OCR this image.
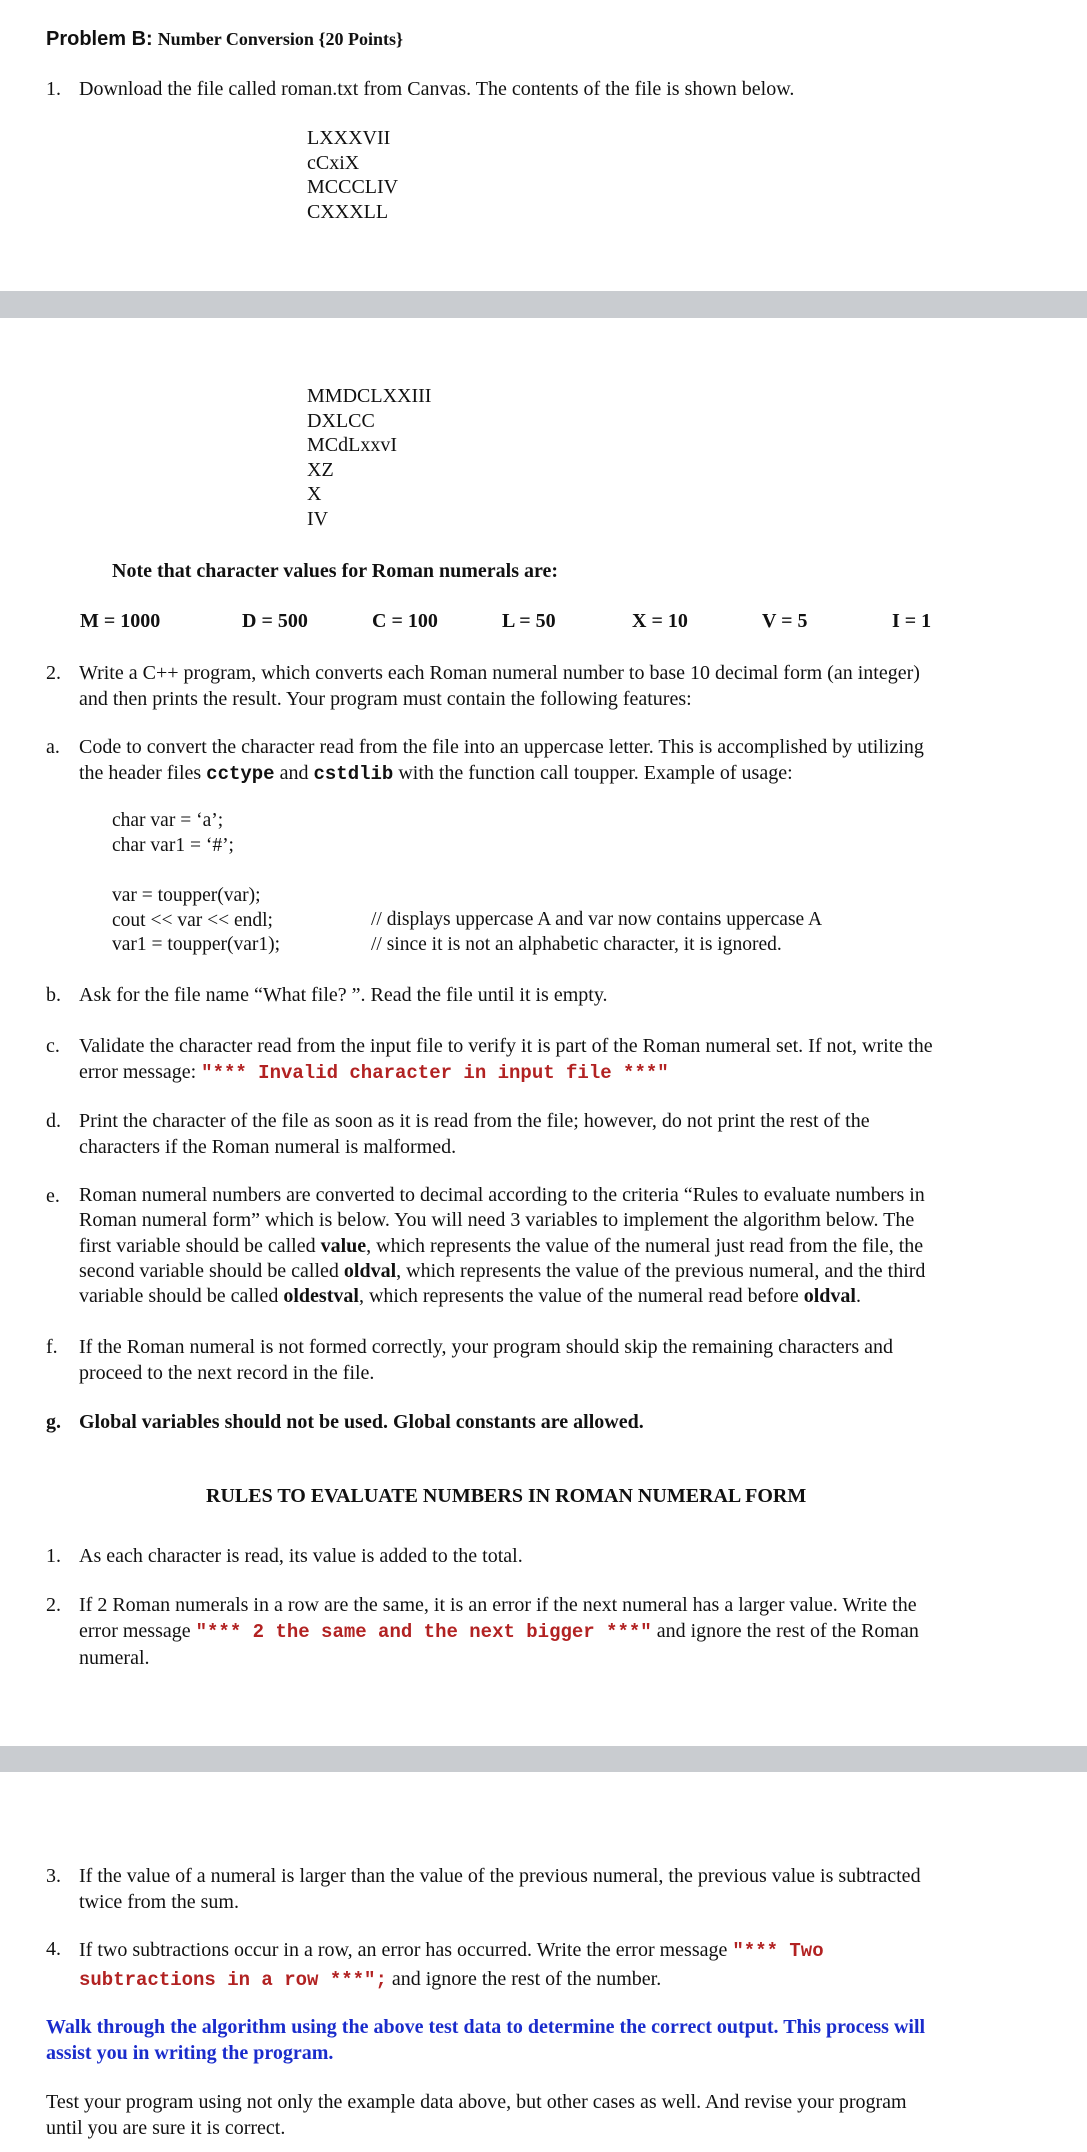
Problem B: Number Conversion {20 Points}
1. Download the file called roman.txt from Canvas. The contents of the file is shown below.
LXXXVII
cCxiX
MCCCLIV
CXXXLL
MMDCLXXIII
DXLCC
MCdLxxvI
XZ
X
IV
Note that character values for Roman numerals are:
M = 1000	D = 500	C = 100	L = 50	X = 10	V = 5	I = 1
2. Write a C++ program, which converts each Roman numeral number to base 10 decimal form (an integer)
and then prints the result. Your program must contain the following features:
a. Code to convert the character read from the file into an uppercase letter. This is accomplished by utilizing
the header files cctype and cstdlib with the function call toupper. Example of usage:
char var = ‘a’;
char var1 = ‘#’;
var = toupper(var);
cout << var << endl;
var1 = toupper(var1);
// displays uppercase A and var now contains uppercase A
// since it is not an alphabetic character, it is ignored.
b. Ask for the file name “What file? ”. Read the file until it is empty.
c. Validate the character read from the input file to verify it is part of the Roman numeral set. If not, write the
error message: "*** Invalid character in input file ***"
d. Print the character of the file as soon as it is read from the file; however, do not print the rest of the
characters if the Roman numeral is malformed.
e. Roman numeral numbers are converted to decimal according to the criteria “Rules to evaluate numbers in
Roman numeral form” which is below. You will need 3 variables to implement the algorithm below. The
first variable should be called value, which represents the value of the numeral just read from the file, the
second variable should be called oldval, which represents the value of the previous numeral, and the third
variable should be called oldestval, which represents the value of the numeral read before oldval.
f. If the Roman numeral is not formed correctly, your program should skip the remaining characters and
proceed to the next record in the file.
g. Global variables should not be used. Global constants are allowed.
RULES TO EVALUATE NUMBERS IN ROMAN NUMERAL FORM
1. As each character is read, its value is added to the total.
2. If 2 Roman numerals in a row are the same, it is an error if the next numeral has a larger value. Write the
error message "*** 2 the same and the next bigger ***" and ignore the rest of the Roman
numeral.
3. If the value of a numeral is larger than the value of the previous numeral, the previous value is subtracted
twice from the sum.
4. If two subtractions occur in a row, an error has occurred. Write the error message "*** Two
subtractions in a row ***"; and ignore the rest of the number.
Walk through the algorithm using the above test data to determine the correct output. This process will
assist you in writing the program.
Test your program using not only the example data above, but other cases as well. And revise your program
until you are sure it is correct.
